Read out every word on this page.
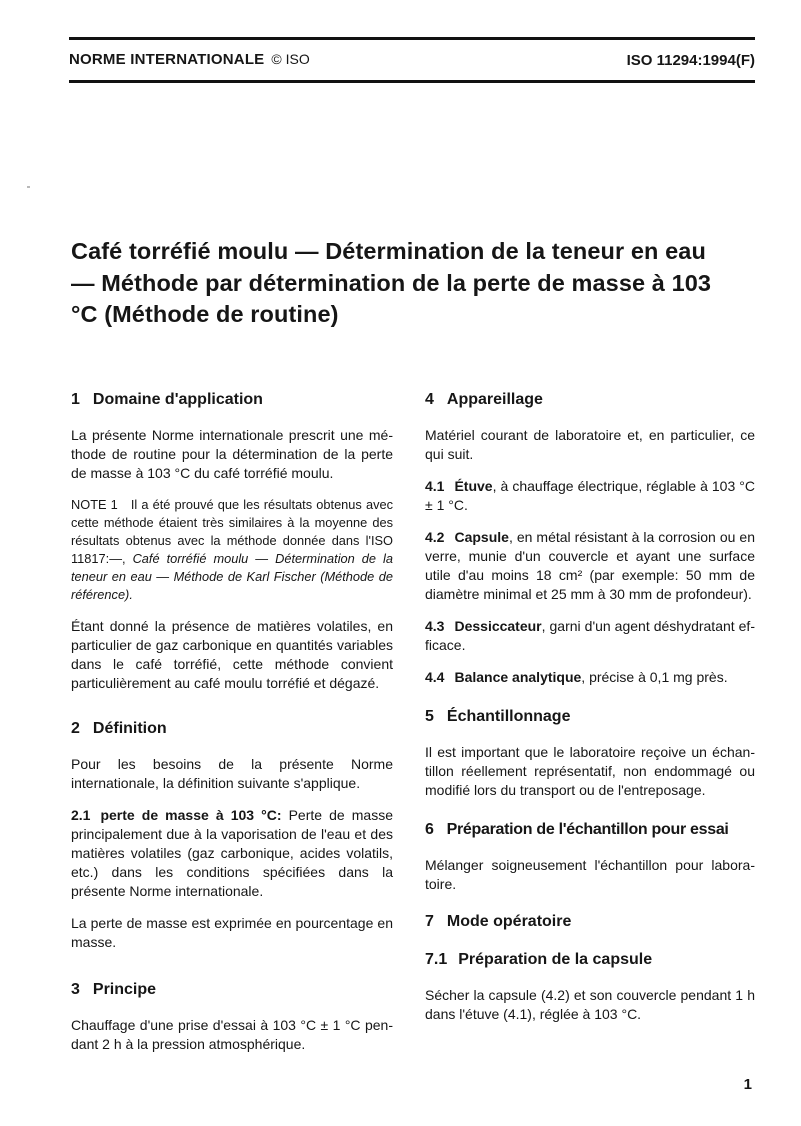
NORME INTERNATIONALE © ISO	ISO 11294:1994(F)
Café torréfié moulu — Détermination de la teneur en eau — Méthode par détermination de la perte de masse à 103 °C (Méthode de routine)
1 Domaine d'application

La présente Norme internationale prescrit une méthode de routine pour la détermination de la perte de masse à 103 °C du café torréfié moulu.

NOTE 1 Il a été prouvé que les résultats obtenus avec cette méthode étaient très similaires à la moyenne des résultats obtenus avec la méthode donnée dans l'ISO 11817:—, Café torréfié moulu — Détermination de la teneur en eau — Méthode de Karl Fischer (Méthode de référence).

Étant donné la présence de matières volatiles, en particulier de gaz carbonique en quantités variables dans le café torréfié, cette méthode convient particulièrement au café moulu torréfié et dégazé.

2 Définition

Pour les besoins de la présente Norme internationale, la définition suivante s'applique.

2.1 perte de masse à 103 °C: Perte de masse principalement due à la vaporisation de l'eau et des matières volatiles (gaz carbonique, acides volatils, etc.) dans les conditions spécifiées dans la présente Norme internationale.

La perte de masse est exprimée en pourcentage en masse.

3 Principe

Chauffage d'une prise d'essai à 103 °C ± 1 °C pendant 2 h à la pression atmosphérique.

4 Appareillage

Matériel courant de laboratoire et, en particulier, ce qui suit.

4.1 Étuve, à chauffage électrique, réglable à 103 °C ± 1 °C.

4.2 Capsule, en métal résistant à la corrosion ou en verre, munie d'un couvercle et ayant une surface utile d'au moins 18 cm² (par exemple: 50 mm de diamètre minimal et 25 mm à 30 mm de profondeur).

4.3 Dessiccateur, garni d'un agent déshydratant efficace.

4.4 Balance analytique, précise à 0,1 mg près.

5 Échantillonnage

Il est important que le laboratoire reçoive un échantillon réellement représentatif, non endommagé ou modifié lors du transport ou de l'entreposage.

6 Préparation de l'échantillon pour essai

Mélanger soigneusement l'échantillon pour laboratoire.

7 Mode opératoire
7.1 Préparation de la capsule

Sécher la capsule (4.2) et son couvercle pendant 1 h dans l'étuve (4.1), réglée à 103 °C.

1
